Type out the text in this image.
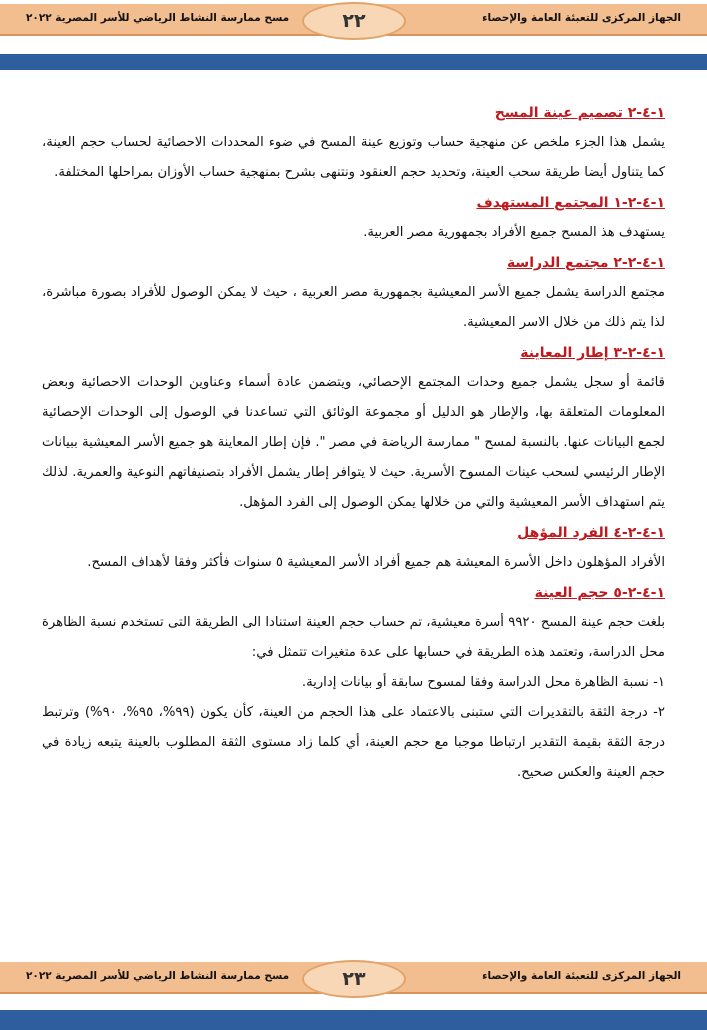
الجهاز المركزى للتعبئة العامة والإحصاء
٢٢
مسح ممارسة النشاط الرياضي للأسر المصرية ٢٠٢٢
١-٤-٢ تصميم عينة المسح

يشمل هذا الجزء ملخص عن منهجية حساب وتوزيع عينة المسح في ضوء المحددات الاحصائية لحساب حجم العينة، كما يتناول أيضا طريقة سحب العينة، وتحديد حجم العنقود ونتنهى بشرح بمنهجية حساب الأوزان بمراحلها المختلفة.

١-٤-٢-١ المجتمع المستهدف

يستهدف هذ المسح جميع الأفراد بجمهورية مصر العربية.

١-٤-٢-٢ مجتمع الدراسة

مجتمع الدراسة يشمل جميع الأسر المعيشية بجمهورية مصر العربية ، حيث لا يمكن الوصول للأفراد بصورة مباشرة، لذا يتم ذلك من خلال الاسر المعيشية.

١-٤-٢-٣ إطار المعاينة

قائمة أو سجل يشمل جميع وحدات المجتمع الإحصائي، ويتضمن عادة أسماء وعناوين الوحدات الاحصائية وبعض المعلومات المتعلقة بها، والإطار هو الدليل أو مجموعة الوثائق التي تساعدنا في الوصول إلى الوحدات الإحصائية لجمع البيانات عنها. بالنسبة لمسح " ممارسة الرياضة في مصر ". فإن إطار المعاينة هو جميع الأسر المعيشية ببيانات الإطار الرئيسي لسحب عينات المسوح الأسرية. حيث لا يتوافر إطار يشمل الأفراد بتصنيفاتهم النوعية والعمرية. لذلك يتم استهداف الأسر المعيشية والتي من خلالها يمكن الوصول إلى الفرد المؤهل.

١-٤-٢-٤ الفرد المؤهل

الأفراد المؤهلون داخل الأسرة المعيشة هم جميع أفراد الأسر المعيشية ٥ سنوات فأكثر وفقا لأهداف المسح.

١-٤-٢-٥ حجم العينة

بلغت حجم عينة المسح ٩٩٢٠ أسرة معيشية، تم حساب حجم العينة استنادا الى الطريقة التى تستخدم نسبة الظاهرة محل الدراسة، وتعتمد هذه الطريقة في حسابها على عدة متغيرات تتمثل في:

١- نسبة الظاهرة محل الدراسة وفقا لمسوح سابقة أو بيانات إدارية.

٢- درجة الثقة بالتقديرات التي ستبنى بالاعتماد على هذا الحجم من العينة، كأن يكون (٩٩%، ٩٥%، ٩٠%) وترتبط درجة الثقة بقيمة التقدير ارتباطا موجبا مع حجم العينة، أي كلما زاد مستوى الثقة المطلوب بالعينة يتبعه زيادة في حجم العينة والعكس صحيح.

الجهاز المركزى للتعبئة العامة والإحصاء
٢٣
مسح ممارسة النشاط الرياضي للأسر المصرية ٢٠٢٢
